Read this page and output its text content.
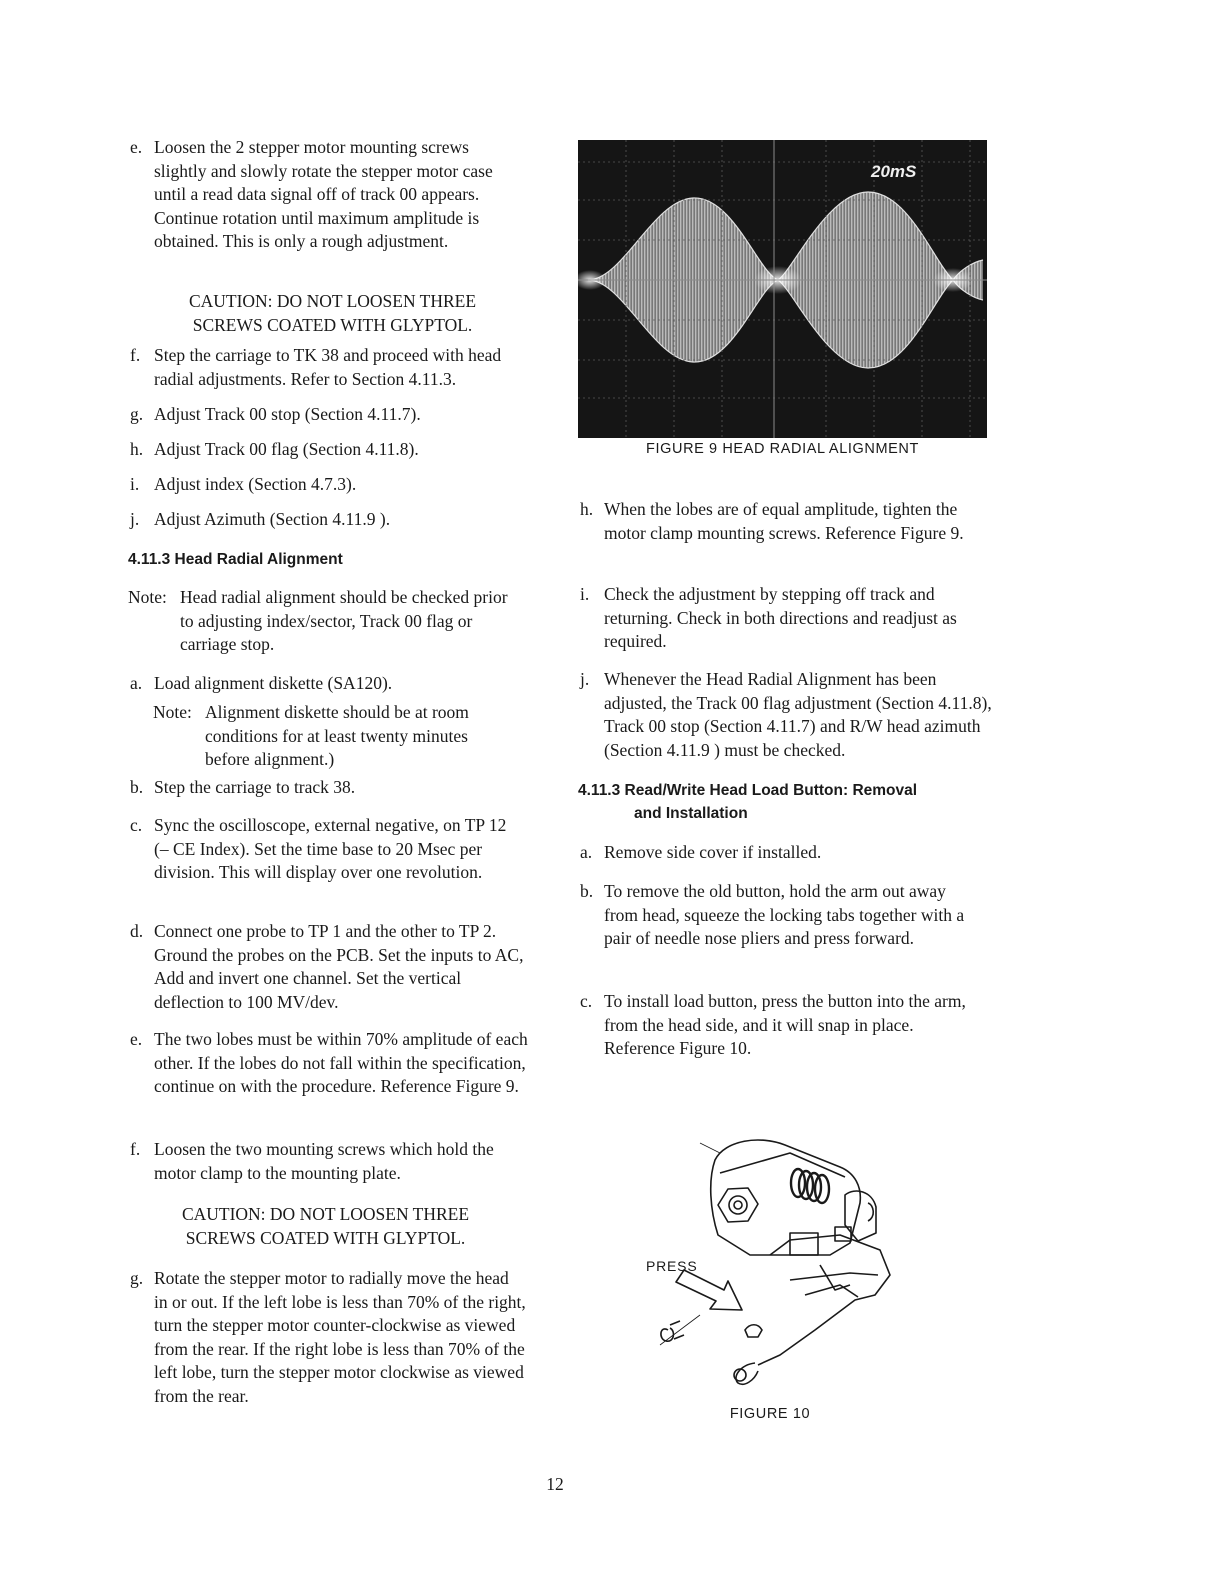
e. Loosen the 2 stepper motor mounting screws slightly and slowly rotate the stepper motor case until a read data signal off of track 00 appears. Continue rotation until maximum amplitude is obtained. This is only a rough adjustment.
CAUTION: DO NOT LOOSEN THREE SCREWS COATED WITH GLYPTOL.
f. Step the carriage to TK 38 and proceed with head radial adjustments. Refer to Section 4.11.3.
g. Adjust Track 00 stop (Section 4.11.7).
h. Adjust Track 00 flag (Section 4.11.8).
i. Adjust index (Section 4.7.3).
j. Adjust Azimuth (Section 4.11.9 ).
4.11.3 Head Radial Alignment
Note: Head radial alignment should be checked prior to adjusting index/sector, Track 00 flag or carriage stop.
a. Load alignment diskette (SA120).
Note: Alignment diskette should be at room conditions for at least twenty minutes before alignment.)
b. Step the carriage to track 38.
c. Sync the oscilloscope, external negative, on TP 12 (– CE Index). Set the time base to 20 Msec per division. This will display over one revolution.
d. Connect one probe to TP 1 and the other to TP 2. Ground the probes on the PCB. Set the inputs to AC, Add and invert one channel. Set the vertical deflection to 100 MV/dev.
e. The two lobes must be within 70% amplitude of each other. If the lobes do not fall within the specification, continue on with the procedure. Reference Figure 9.
f. Loosen the two mounting screws which hold the motor clamp to the mounting plate.
CAUTION: DO NOT LOOSEN THREE SCREWS COATED WITH GLYPTOL.
g. Rotate the stepper motor to radially move the head in or out. If the left lobe is less than 70% of the right, turn the stepper motor counter-clockwise as viewed from the rear. If the right lobe is less than 70% of the left lobe, turn the stepper motor clockwise as viewed from the rear.
20mS
FIGURE 9 HEAD RADIAL ALIGNMENT
h. When the lobes are of equal amplitude, tighten the motor clamp mounting screws. Reference Figure 9.
i. Check the adjustment by stepping off track and returning. Check in both directions and readjust as required.
j. Whenever the Head Radial Alignment has been adjusted, the Track 00 flag adjustment (Section 4.11.8), Track 00 stop (Section 4.11.7) and R/W head azimuth (Section 4.11.9 ) must be checked.
4.11.3 Read/Write Head Load Button: Removal
and Installation
a. Remove side cover if installed.
b. To remove the old button, hold the arm out away from head, squeeze the locking tabs together with a pair of needle nose pliers and press forward.
c. To install load button, press the button into the arm, from the head side, and it will snap in place. Reference Figure 10.
PRESS
FIGURE 10
12
